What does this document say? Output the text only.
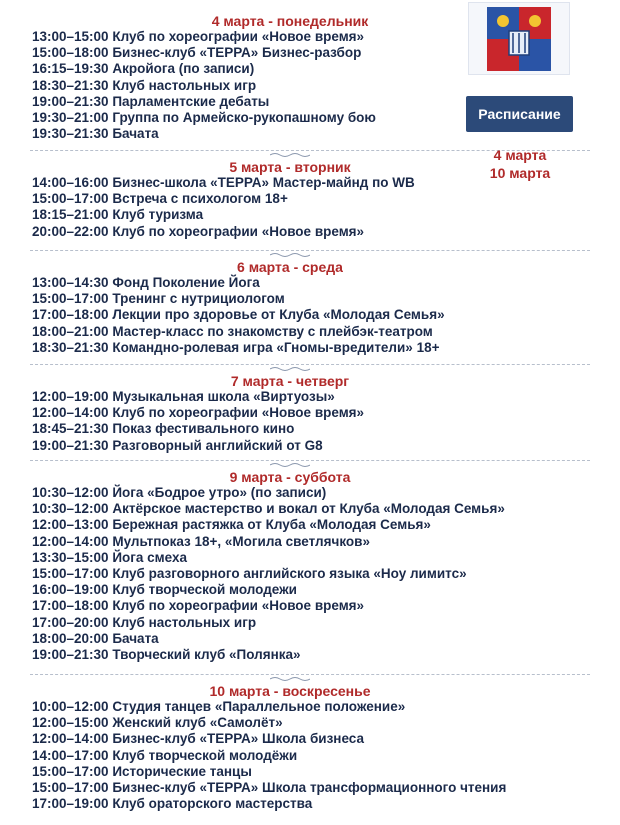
4 марта - понедельник
13:00–15:00 Клуб по хореографии «Новое время»
15:00–18:00 Бизнес-клуб «ТЕРРА» Бизнес-разбор
16:15–19:30 Акройога (по записи)
18:30–21:30 Клуб настольных игр
19:00–21:30 Парламентские дебаты
19:30–21:00 Группа по Армейско-рукопашному бою
19:30–21:30 Бачата
5 марта - вторник
14:00–16:00 Бизнес-школа «ТЕРРА» Мастер-майнд по WB
15:00–17:00 Встреча с психологом 18+
18:15–21:00 Клуб туризма
20:00–22:00 Клуб по хореографии «Новое время»
6 марта - среда
13:00–14:30 Фонд Поколение Йога
15:00–17:00 Тренинг с нутрициологом
17:00–18:00 Лекции про здоровье от Клуба «Молодая Семья»
18:00–21:00 Мастер-класс по знакомству с плейбэк-театром
18:30–21:30 Командно-ролевая игра «Гномы-вредители» 18+
7 марта - четверг
12:00–19:00 Музыкальная школа «Виртуозы»
12:00–14:00 Клуб по хореографии «Новое время»
18:45–21:30 Показ фестивального кино
19:00–21:30 Разговорный английский от G8
9 марта - суббота
10:30–12:00 Йога «Бодрое утро» (по записи)
10:30–12:00 Актёрское мастерство и вокал от Клуба «Молодая Семья»
12:00–13:00 Бережная растяжка от Клуба «Молодая Семья»
12:00–14:00 Мультпоказ 18+, «Могила светлячков»
13:30–15:00 Йога смеха
15:00–17:00 Клуб разговорного английского языка «Ноу лимитс»
16:00–19:00 Клуб творческой молодежи
17:00–18:00 Клуб по хореографии «Новое время»
17:00–20:00 Клуб настольных игр
18:00–20:00 Бачата
19:00–21:30 Творческий клуб «Полянка»
10 марта - воскресенье
10:00–12:00 Студия танцев «Параллельное положение»
12:00–15:00 Женский клуб «Самолёт»
12:00–14:00 Бизнес-клуб «ТЕРРА» Школа бизнеса
14:00–17:00 Клуб творческой молодёжи
15:00–17:00 Исторические танцы
15:00–17:00 Бизнес-клуб «ТЕРРА» Школа трансформационного чтения
17:00–19:00 Клуб ораторского мастерства
Расписание
4 марта
10 марта
